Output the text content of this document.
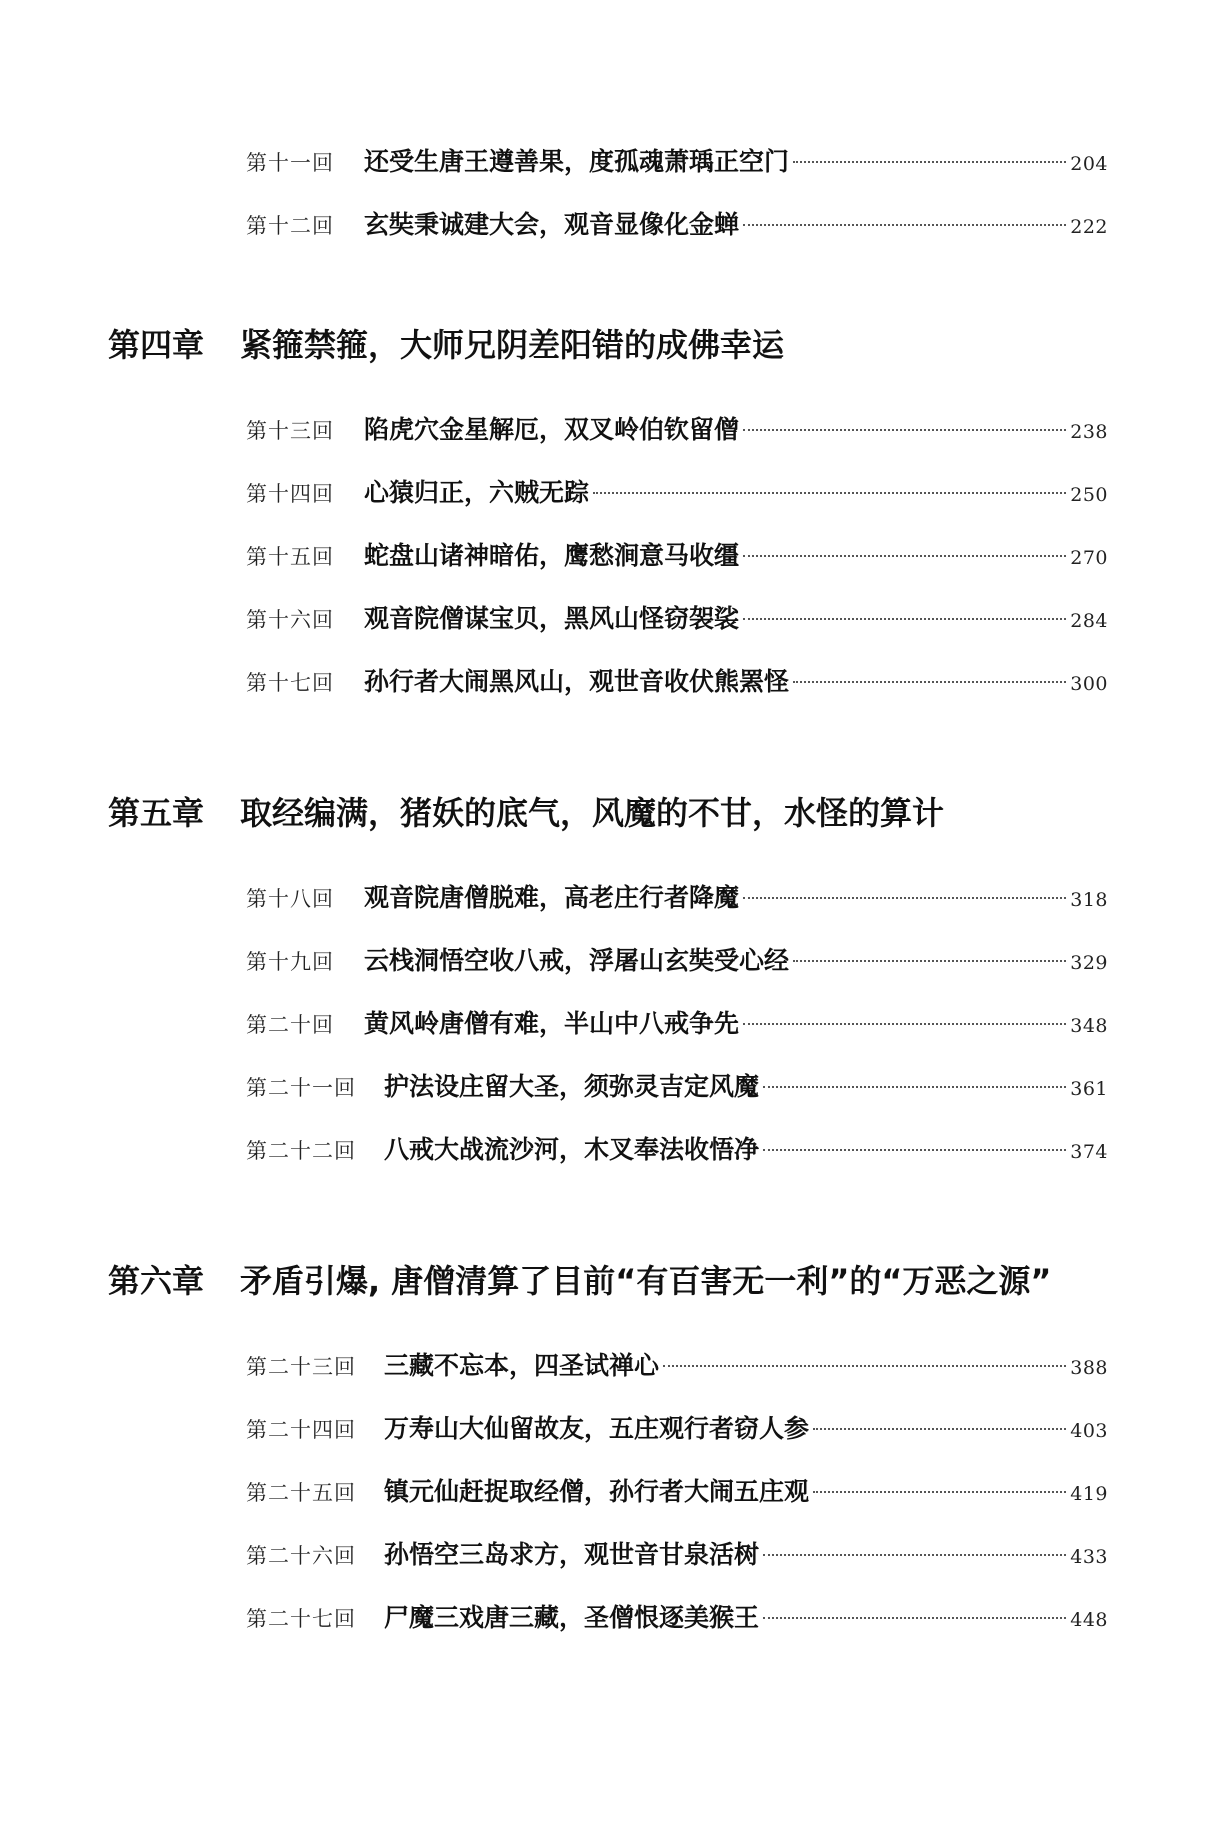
第十一回 还受生唐王遵善果，度孤魂萧瑀正空门	204
第十二回 玄奘秉诚建大会，观音显像化金蝉	222
第四章	紧箍禁箍，大师兄阴差阳错的成佛幸运
第十三回 陷虎穴金星解厄，双叉岭伯钦留僧	238
第十四回 心猿归正，六贼无踪	250
第十五回 蛇盘山诸神暗佑，鹰愁涧意马收缰	270
第十六回 观音院僧谋宝贝，黑风山怪窃袈裟	284
第十七回 孙行者大闹黑风山，观世音收伏熊罴怪	300
第五章	取经编满，猪妖的底气，风魔的不甘，水怪的算计
第十八回 观音院唐僧脱难，高老庄行者降魔	318
第十九回 云栈洞悟空收八戒，浮屠山玄奘受心经	329
第二十回 黄风岭唐僧有难，半山中八戒争先	348
第二十一回 护法设庄留大圣，须弥灵吉定风魔	361
第二十二回 八戒大战流沙河，木叉奉法收悟净	374
第六章	矛盾引爆, 唐僧清算了目前“有百害无一利”的“万恶之源”
第二十三回 三藏不忘本，四圣试禅心	388
第二十四回 万寿山大仙留故友，五庄观行者窃人参	403
第二十五回 镇元仙赶捉取经僧，孙行者大闹五庄观	419
第二十六回 孙悟空三岛求方，观世音甘泉活树	433
第二十七回 尸魔三戏唐三藏，圣僧恨逐美猴王	448
